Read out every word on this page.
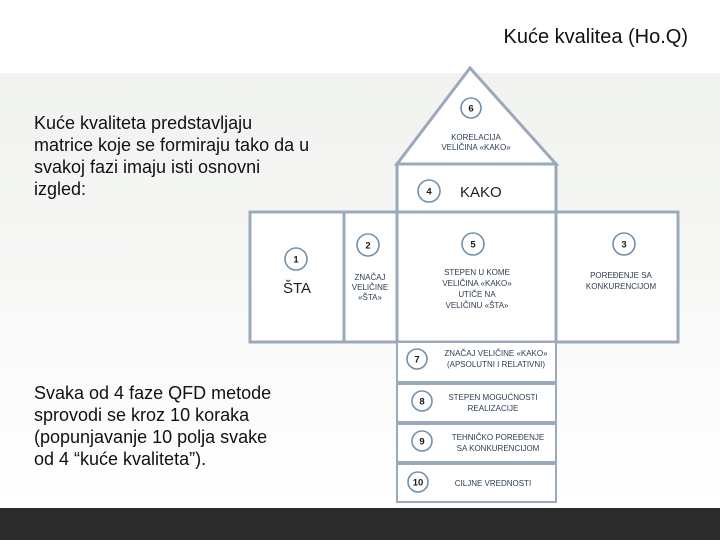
Kuće kvalitea (Ho.Q)
Kuće kvaliteta predstavljaju matrice koje se formiraju tako da u svakoj fazi imaju isti osnovni izgled:
Svaka od 4 faze QFD metode
sprovodi se kroz 10 koraka
(popunjavanje 10 polja svake
od 4 “kuće kvaliteta”).
6
KORELACIJA
VELIČINA «KAKO»
4 KAKO
1
ŠTA
2
ZNAČAJ
VELIČINE
«ŠTA»
5
STEPEN U KOME
VELIČINA «KAKO»
UTIČE NA
VELIČINU «ŠTA»
3
POREĐENJE SA
KONKURENCIJOM
7
ZNAČAJ VELIČINE «KAKO»
(APSOLUTNI I RELATIVNI)
8	STEPEN MOGUĆNOSTI
REALIZACIJE
9	TEHNIČKO POREĐENJE
SA KONKURENCIJOM
10	CILJNE VREDNOSTI
